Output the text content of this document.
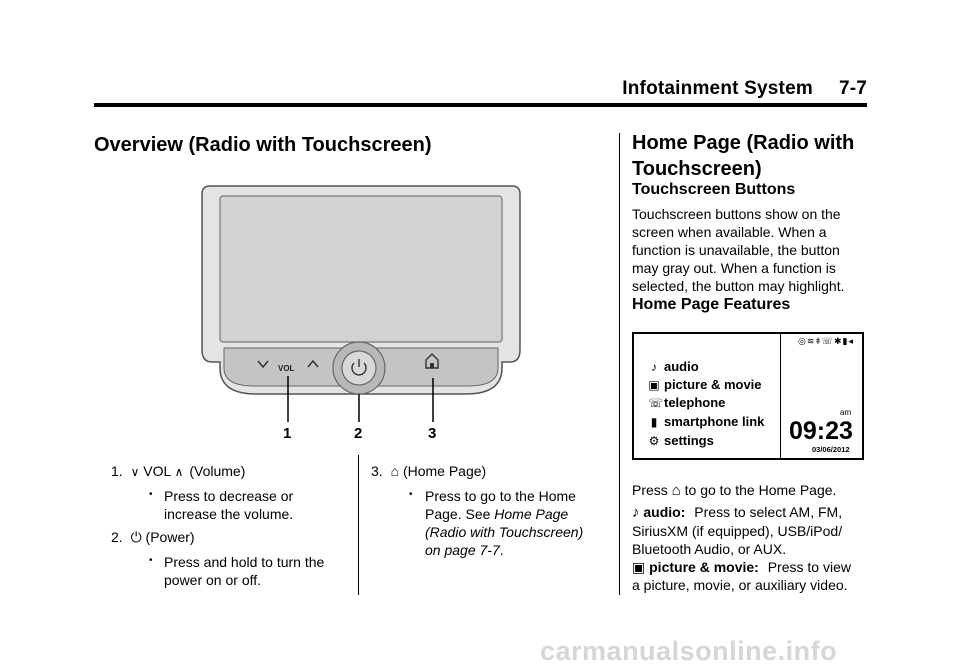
Infotainment System 7-7
Overview (Radio with Touchscreen)
VOL
1	2	3
1. ∨ VOL ∧ (Volume)
• Press to decrease or
increase the volume.
2. ⏻ (Power)
• Press and hold to turn the
power on or off.
3. ⌂ (Home Page)
• Press to go to the Home
Page. See Home Page
(Radio with Touchscreen)
on page 7-7.
Home Page (Radio with
Touchscreen)
Touchscreen Buttons
Touchscreen buttons show on the
screen when available. When a
function is unavailable, the button
may gray out. When a function is
selected, the button may highlight.
Home Page Features
◎≋ǂ☏✱▮◂
♪ audio
▣ picture & movie
☏ telephone
▮ smartphone link
⚙ settings
am
09:23
03/06/2012
Press ⌂ to go to the Home Page.
♪ audio: Press to select AM, FM,
SiriusXM (if equipped), USB/iPod/
Bluetooth Audio, or AUX.
▣ picture & movie: Press to view
a picture, movie, or auxiliary video.
carmanualsonline.info
